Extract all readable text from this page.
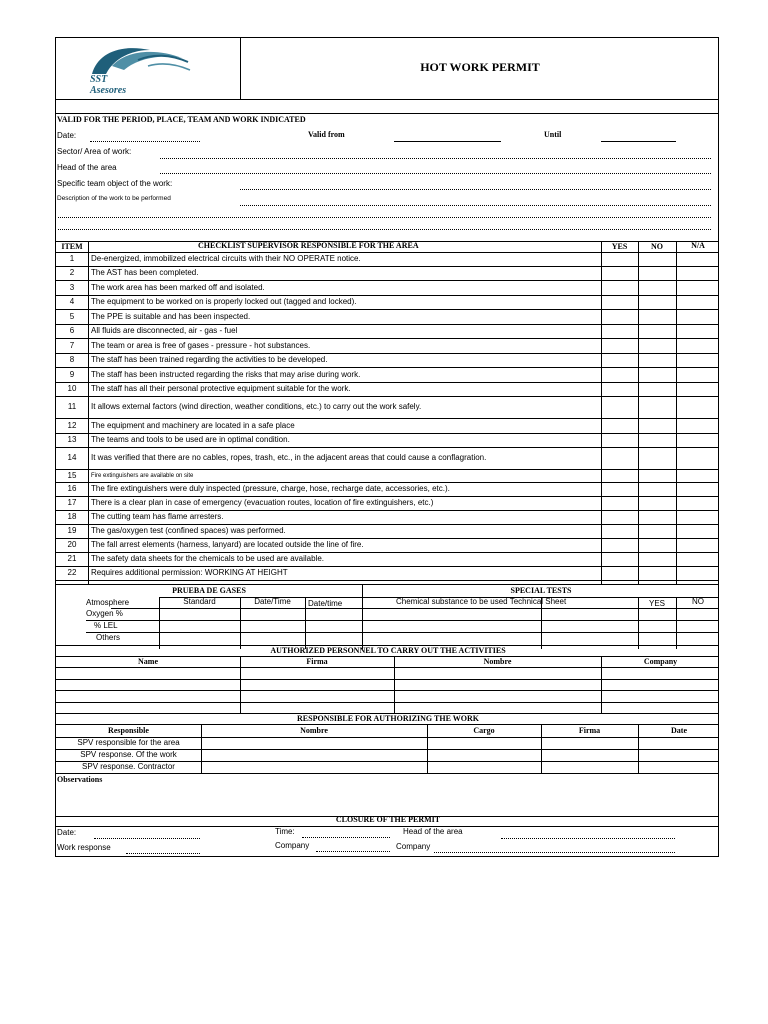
SST
Asesores
HOT WORK PERMIT
VALID FOR THE PERIOD, PLACE, TEAM AND WORK INDICATED
Date:	Valid from	Until
Sector/ Area of work:
Head of the area
Specific team object of the work:
Description of the work to be performed
ITEM	CHECKLIST SUPERVISOR RESPONSIBLE FOR THE AREA	YES	NO	N/A
1	De-energized, immobilized electrical circuits with their NO OPERATE notice.
2	The AST has been completed.
3	The work area has been marked off and isolated.
4	The equipment to be worked on is properly locked out (tagged and locked).
5	The PPE is suitable and has been inspected.
6	All fluids are disconnected, air - gas - fuel
7	The team or area is free of gases - pressure - hot substances.
8	The staff has been trained regarding the activities to be developed.
9	The staff has been instructed regarding the risks that may arise during work.
10	The staff has all their personal protective equipment suitable for the work.
11	It allows external factors (wind direction, weather conditions, etc.) to carry out the work safely.
12	The equipment and machinery are located in a safe place
13	The teams and tools to be used are in optimal condition.
14	It was verified that there are no cables, ropes, trash, etc., in the adjacent areas that could cause a conflagration.
15	Fire extinguishers are available on site
16	The fire extinguishers were duly inspected (pressure, charge, hose, recharge date, accessories, etc.).
17	There is a clear plan in case of emergency (evacuation routes, location of fire extinguishers, etc.)
18	The cutting team has flame arresters.
19	The gas/oxygen test (confined spaces) was performed.
20	The fall arrest elements (harness, lanyard) are located outside the line of fire.
21	The safety data sheets for the chemicals to be used are available.
22	Requires additional permission: WORKING AT HEIGHT
PRUEBA DE GASES	SPECIAL TESTS
Atmosphere	Standard	Date/Time	Date/time	Chemical substance to be used Technical Sheet	YES	NO
Oxygen %
% LEL
Others
AUTHORIZED PERSONNEL TO CARRY OUT THE ACTIVITIES
Name	Firma	Nombre	Company
RESPONSIBLE FOR AUTHORIZING THE WORK
Responsible	Nombre	Cargo	Firma	Date
SPV responsible for the area
SPV response. Of the work
SPV response. Contractor
Observations
CLOSURE OF THE PERMIT
Date:	Time:	Head of the area
Work response	Company	Company
